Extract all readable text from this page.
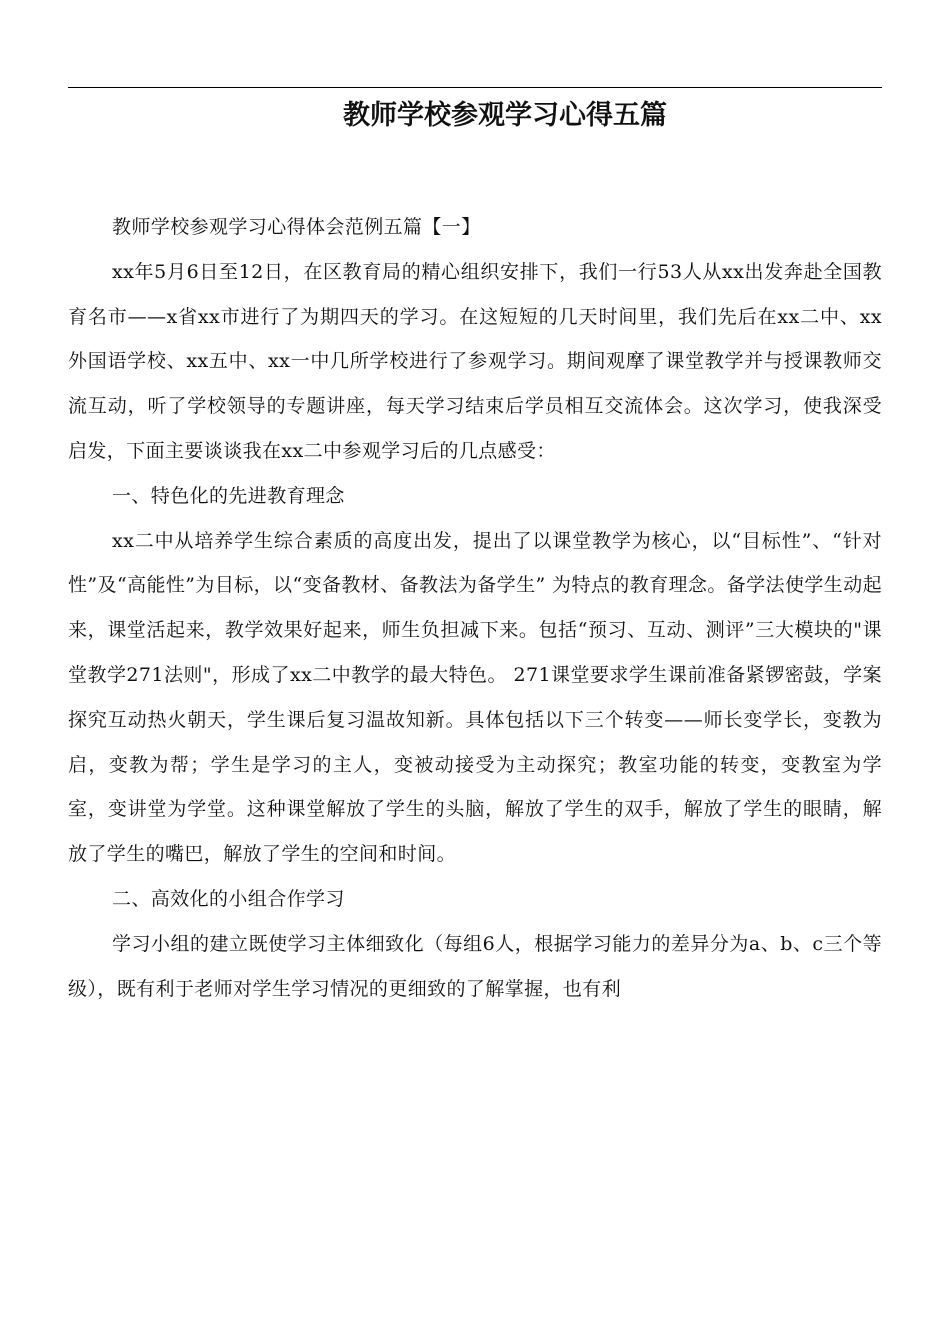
教师学校参观学习心得五篇

教师学校参观学习心得体会范例五篇【一】

xx年5月6日至12日，在区教育局的精心组织安排下，我们一行53人从xx出发奔赴全国教育名市——x省xx市进行了为期四天的学习。在这短短的几天时间里，我们先后在xx二中、xx外国语学校、xx五中、xx一中几所学校进行了参观学习。期间观摩了课堂教学并与授课教师交流互动，听了学校领导的专题讲座，每天学习结束后学员相互交流体会。这次学习，使我深受启发，下面主要谈谈我在xx二中参观学习后的几点感受：

一、特色化的先进教育理念

xx二中从培养学生综合素质的高度出发，提出了以课堂教学为核心，以“目标性”、“针对性”及“高能性”为目标，以“变备教材、备教法为备学生” 为特点的教育理念。备学法使学生动起来，课堂活起来，教学效果好起来，师生负担减下来。包括“预习、互动、测评”三大模块的"课堂教学271法则"，形成了xx二中教学的最大特色。 271课堂要求学生课前准备紧锣密鼓，学案探究互动热火朝天，学生课后复习温故知新。具体包括以下三个转变——师长变学长，变教为启，变教为帮；学生是学习的主人，变被动接受为主动探究；教室功能的转变，变教室为学室，变讲堂为学堂。这种课堂解放了学生的头脑，解放了学生的双手，解放了学生的眼睛，解放了学生的嘴巴，解放了学生的空间和时间。

二、高效化的小组合作学习

学习小组的建立既使学习主体细致化（每组6人，根据学习能力的差异分为a、b、c三个等级），既有利于老师对学生学习情况的更细致的了解掌握，也有利
